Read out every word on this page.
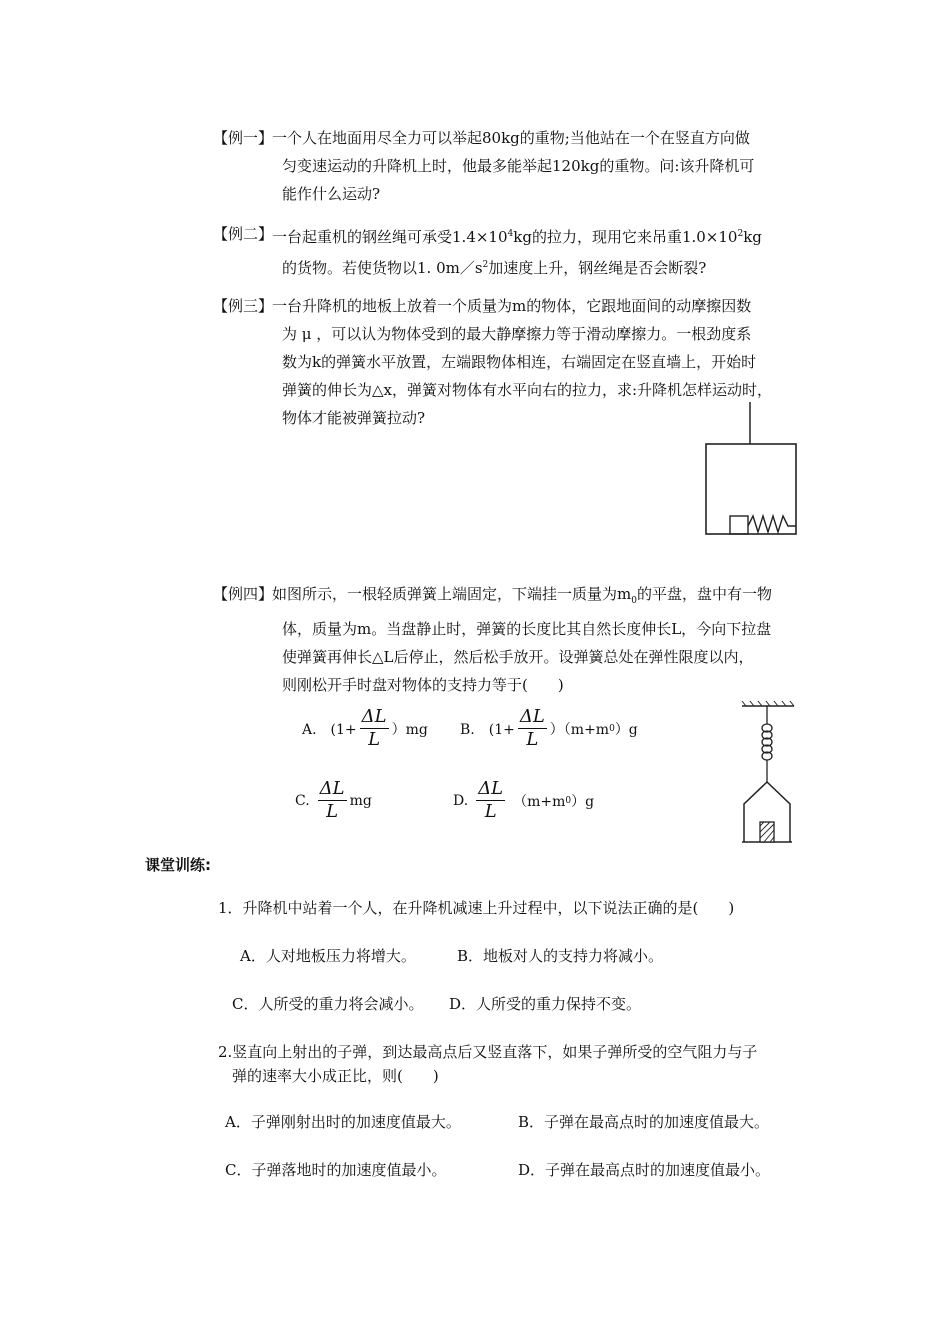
【例一】
一个人在地面用尽全力可以举起80kg的重物;当他站在一个在竖直方向做
匀变速运动的升降机上时，他最多能举起120kg的重物。问:该升降机可
能作什么运动?
【例二】
一台起重机的钢丝绳可承受$1.4\times 10^4kg$的拉力，现用它来吊重$1.0\times 10^2kg$
的货物。若使货物以1. $0m/s^2$加速度上升，钢丝绳是否会断裂?
【例三】
一台升降机的地板上放着一个质量为m的物体，它跟地面间的动摩擦因数
为 μ ，可以认为物体受到的最大静摩擦力等于滑动摩擦力。一根劲度系
数为k的弹簧水平放置，左端跟物体相连，右端固定在竖直墙上，开始时
弹簧的伸长为△x，弹簧对物体有水平向右的拉力，求:升降机怎样运动时，
物体才能被弹簧拉动?
【例四】
如图所示，一根轻质弹簧上端固定，下端挂一质量为$m_0$的平盘，盘中有一物
体，质量为m。当盘静止时，弹簧的长度比其自然长度伸长L，今向下拉盘
使弹簧再伸长△L后停止，然后松手放开。设弹簧总处在弹性限度以内，
则刚松开手时盘对物体的支持力等于(　　)
A.　$(1+ \frac{\Delta L}{L} )mg$ B.　$(1+ \frac{\Delta L}{L} )(m+m$ 0 ）g
C. $\frac{\Delta L}{L}$ mg	D. $\frac{\Delta L}{L} (m+m$ 0 ）g
课堂训练:
1．升降机中站着一个人，在升降机减速上升过程中，以下说法正确的是(　　)
A．人对地板压力将增大。	B．地板对人的支持力将减小。
C．人所受的重力将会减小。 D．人所受的重力保持不变。
2.竖直向上射出的子弹，到达最高点后又竖直落下，如果子弹所受的空气阻力与子
弹的速率大小成正比，则(　　)
A．子弹刚射出时的加速度值最大。	B．子弹在最高点时的加速度值最大。
C．子弹落地时的加速度值最小。	D．子弹在最高点时的加速度值最小。
